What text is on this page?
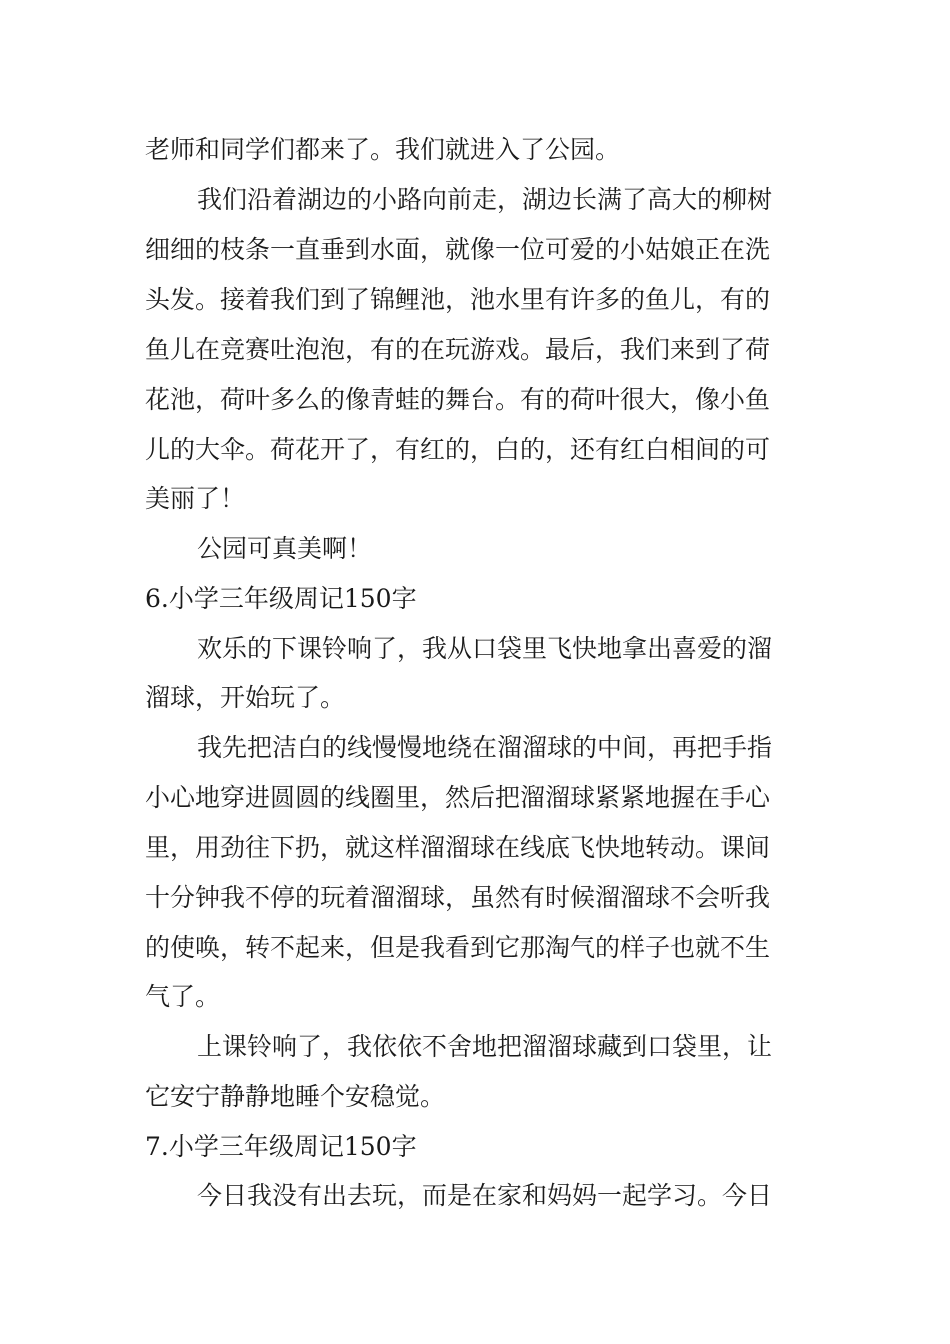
老师和同学们都来了。我们就进入了公园。
我们沿着湖边的小路向前走，湖边长满了高大的柳树
细细的枝条一直垂到水面，就像一位可爱的小姑娘正在洗
头发。接着我们到了锦鲤池，池水里有许多的鱼儿，有的
鱼儿在竞赛吐泡泡，有的在玩游戏。最后，我们来到了荷
花池，荷叶多么的像青蛙的舞台。有的荷叶很大，像小鱼
儿的大伞。荷花开了，有红的，白的，还有红白相间的可
美丽了！
公园可真美啊！
6.小学三年级周记150字
欢乐的下课铃响了，我从口袋里飞快地拿出喜爱的溜
溜球，开始玩了。
我先把洁白的线慢慢地绕在溜溜球的中间，再把手指
小心地穿进圆圆的线圈里，然后把溜溜球紧紧地握在手心
里，用劲往下扔，就这样溜溜球在线底飞快地转动。课间
十分钟我不停的玩着溜溜球，虽然有时候溜溜球不会听我
的使唤，转不起来，但是我看到它那淘气的样子也就不生
气了。
上课铃响了，我依依不舍地把溜溜球藏到口袋里，让
它安宁静静地睡个安稳觉。
7.小学三年级周记150字
今日我没有出去玩，而是在家和妈妈一起学习。今日
